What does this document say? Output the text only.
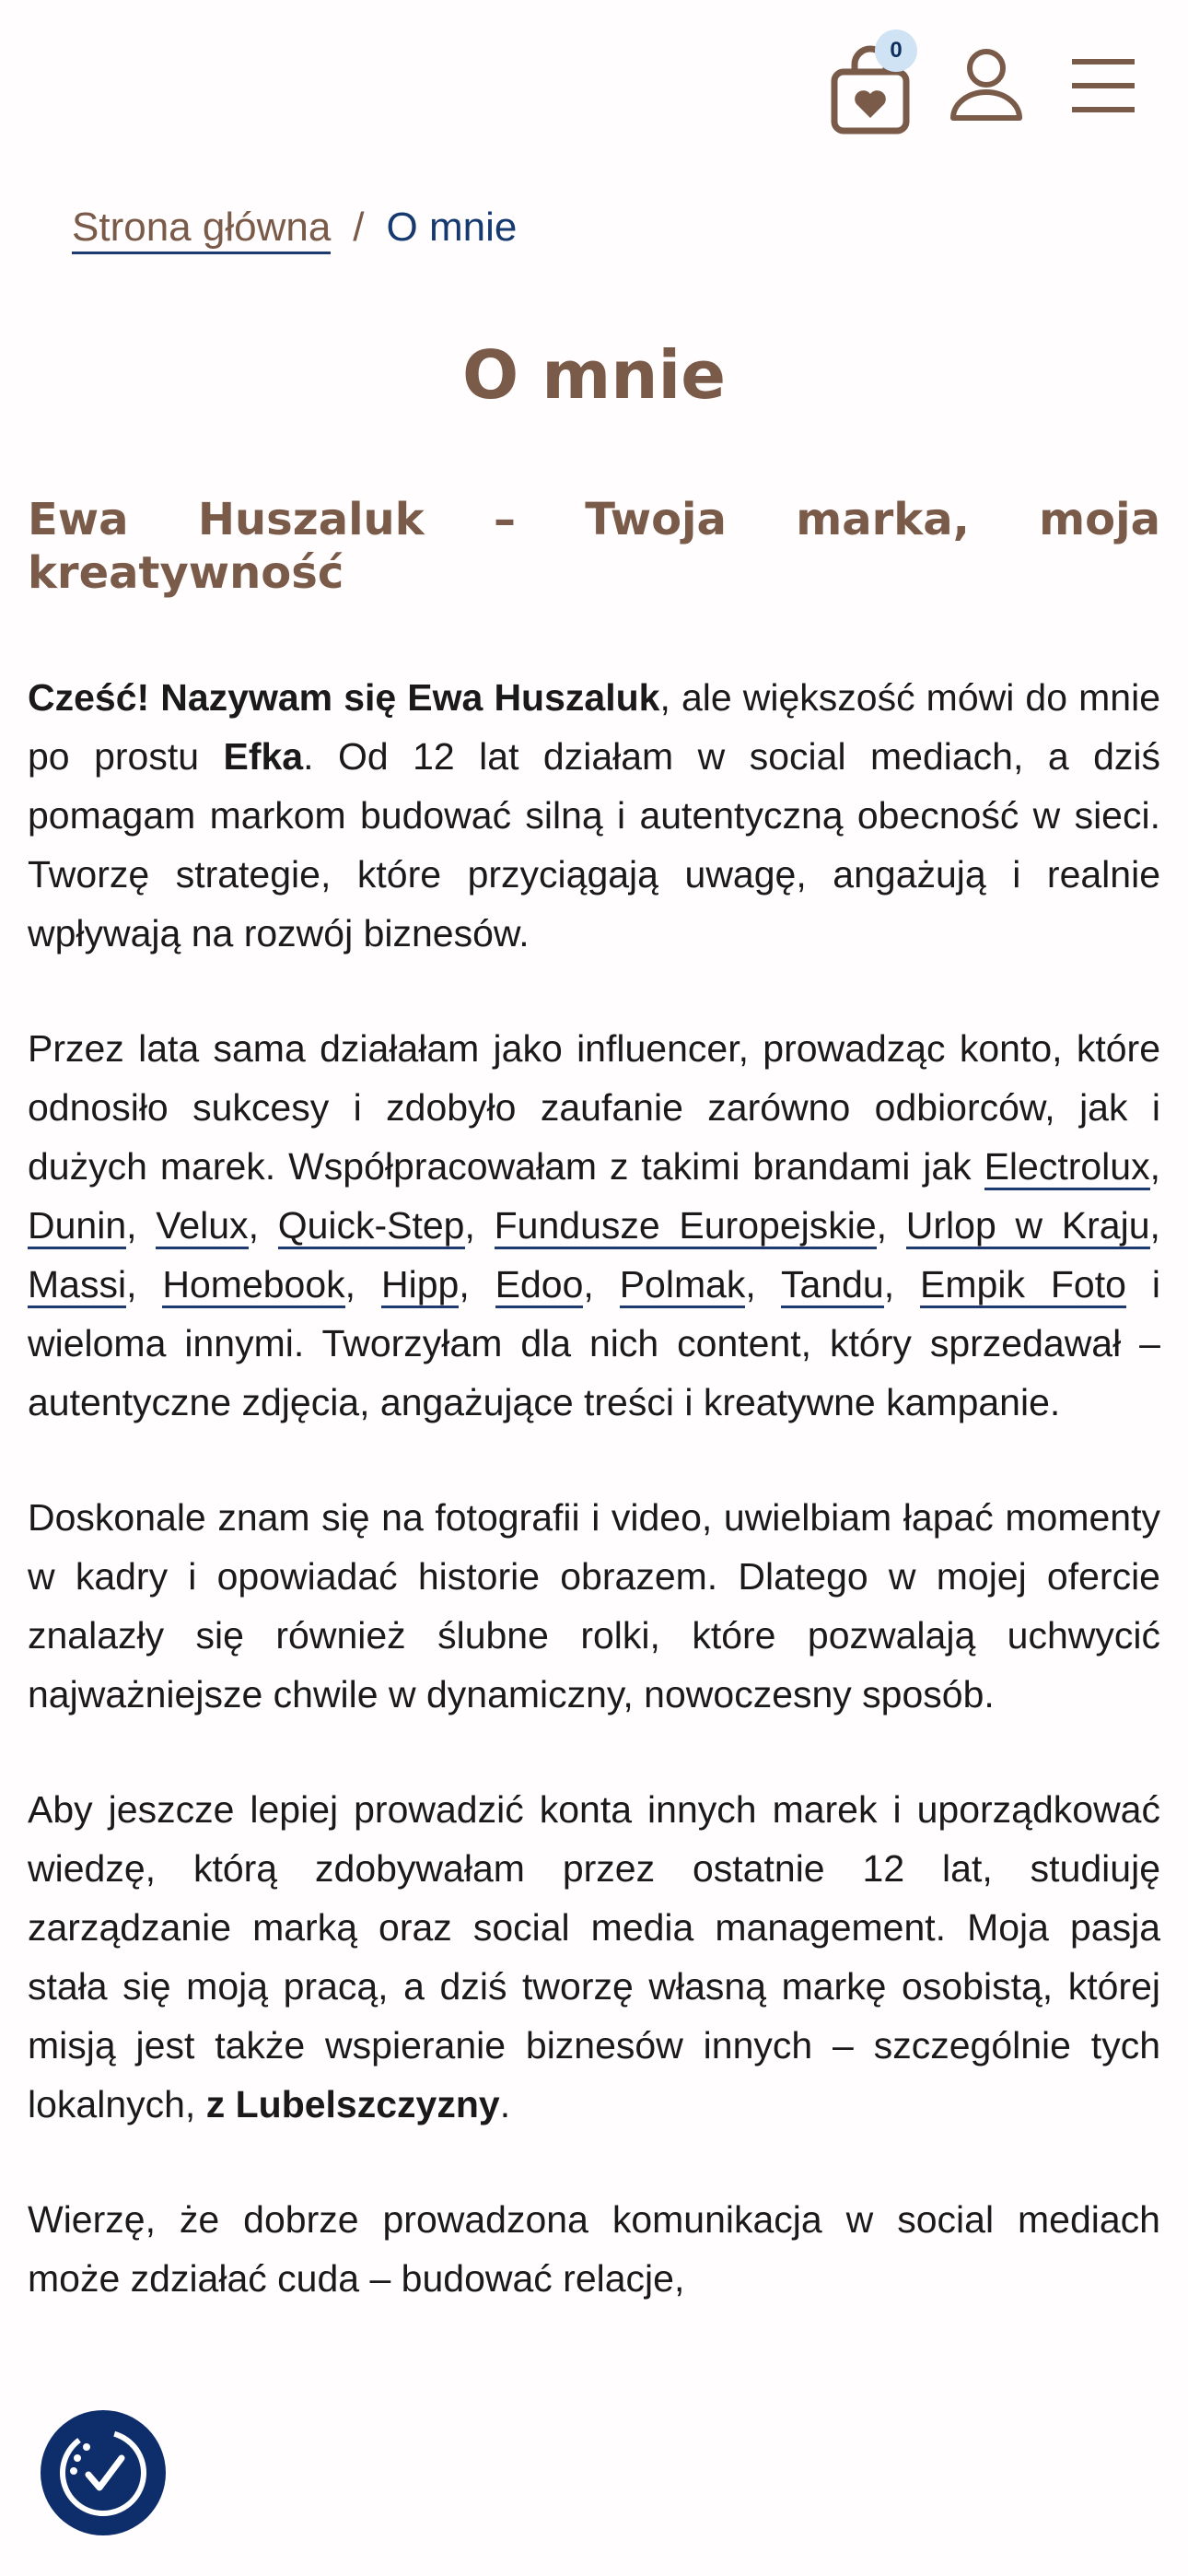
0
Strona główna / O mnie
O mnie
Ewa Huszaluk – Twoja marka, moja
kreatywność

Cześć! Nazywam się Ewa Huszaluk, ale większość mówi do mnie po prostu Efka. Od 12 lat działam w social mediach, a dziś pomagam markom budować silną i autentyczną obecność w sieci. Tworzę strategie, które przyciągają uwagę, angażują i realnie wpływają na rozwój biznesów.

Przez lata sama działałam jako influencer, prowadząc konto, które odnosiło sukcesy i zdobyło zaufanie zarówno odbiorców, jak i dużych marek. Współpracowałam z takimi brandami jak Electrolux, Dunin, Velux, Quick-Step, Fundusze Europejskie, Urlop w Kraju, Massi, Homebook, Hipp, Edoo, Polmak, Tandu, Empik Foto i wieloma innymi. Tworzyłam dla nich content, który sprzedawał – autentyczne zdjęcia, angażujące treści i kreatywne kampanie.

Doskonale znam się na fotografii i video, uwielbiam łapać momenty w kadry i opowiadać historie obrazem. Dlatego w mojej ofercie znalazły się również ślubne rolki, które pozwalają uchwycić najważniejsze chwile w dynamiczny, nowoczesny sposób.

Aby jeszcze lepiej prowadzić konta innych marek i uporządkować wiedzę, którą zdobywałam przez ostatnie 12 lat, studiuję zarządzanie marką oraz social media management. Moja pasja stała się moją pracą, a dziś tworzę własną markę osobistą, której misją jest także wspieranie biznesów innych – szczególnie tych lokalnych, z Lubelszczyzny.

Wierzę, że dobrze prowadzona komunikacja w social mediach może zdziałać cuda – budować relacje,
